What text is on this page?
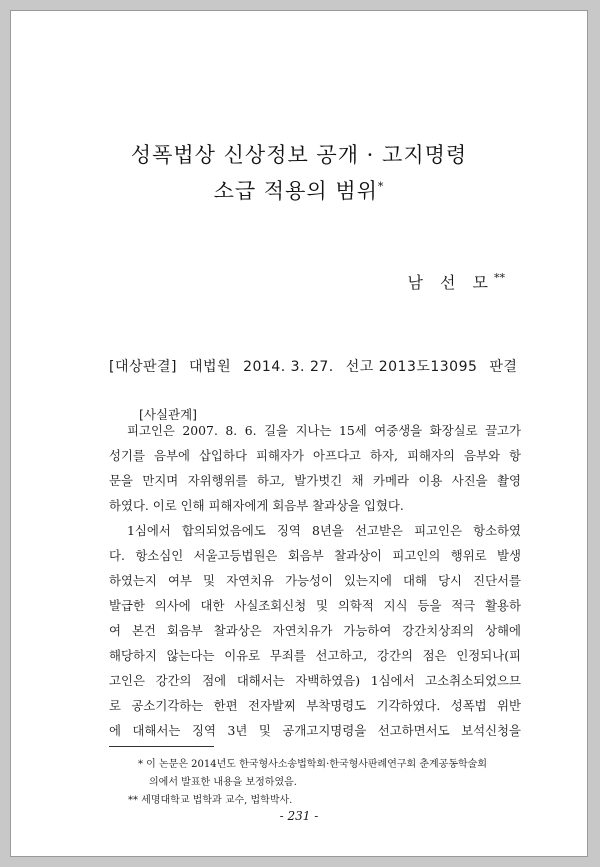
성폭법상 신상정보 공개 · 고지명령
소급 적용의 범위*
남 선 모**
[대상판결] 대법원 2014. 3. 27. 선고 2013도13095 판결
[사실관계]
피고인은 2007. 8. 6. 길을 지나는 15세 여중생을 화장실로 끌고가
성기를 음부에 삽입하다 피해자가 아프다고 하자, 피해자의 음부와 항
문을 만지며 자위행위를 하고, 발가벗긴 채 카메라 이용 사진을 촬영
하였다. 이로 인해 피해자에게 회음부 찰과상을 입혔다.
1심에서 합의되었음에도 징역 8년을 선고받은 피고인은 항소하였
다. 항소심인 서울고등법원은 회음부 찰과상이 피고인의 행위로 발생
하였는지 여부 및 자연치유 가능성이 있는지에 대해 당시 진단서를
발급한 의사에 대한 사실조회신청 및 의학적 지식 등을 적극 활용하
여 본건 회음부 찰과상은 자연치유가 가능하여 강간치상죄의 상해에
해당하지 않는다는 이유로 무죄를 선고하고, 강간의 점은 인정되나(피
고인은 강간의 점에 대해서는 자백하였음) 1심에서 고소취소되었으므
로 공소기각하는 한편 전자발찌 부착명령도 기각하였다. 성폭법 위반
에 대해서는 징역 3년 및 공개고지명령을 선고하면서도 보석신청을
* 이 논문은 2014년도 한국형사소송법학회·한국형사판례연구회 춘계공동학술회
의에서 발표한 내용을 보정하였음.
** 세명대학교 법학과 교수, 법학박사.
- 231 -
